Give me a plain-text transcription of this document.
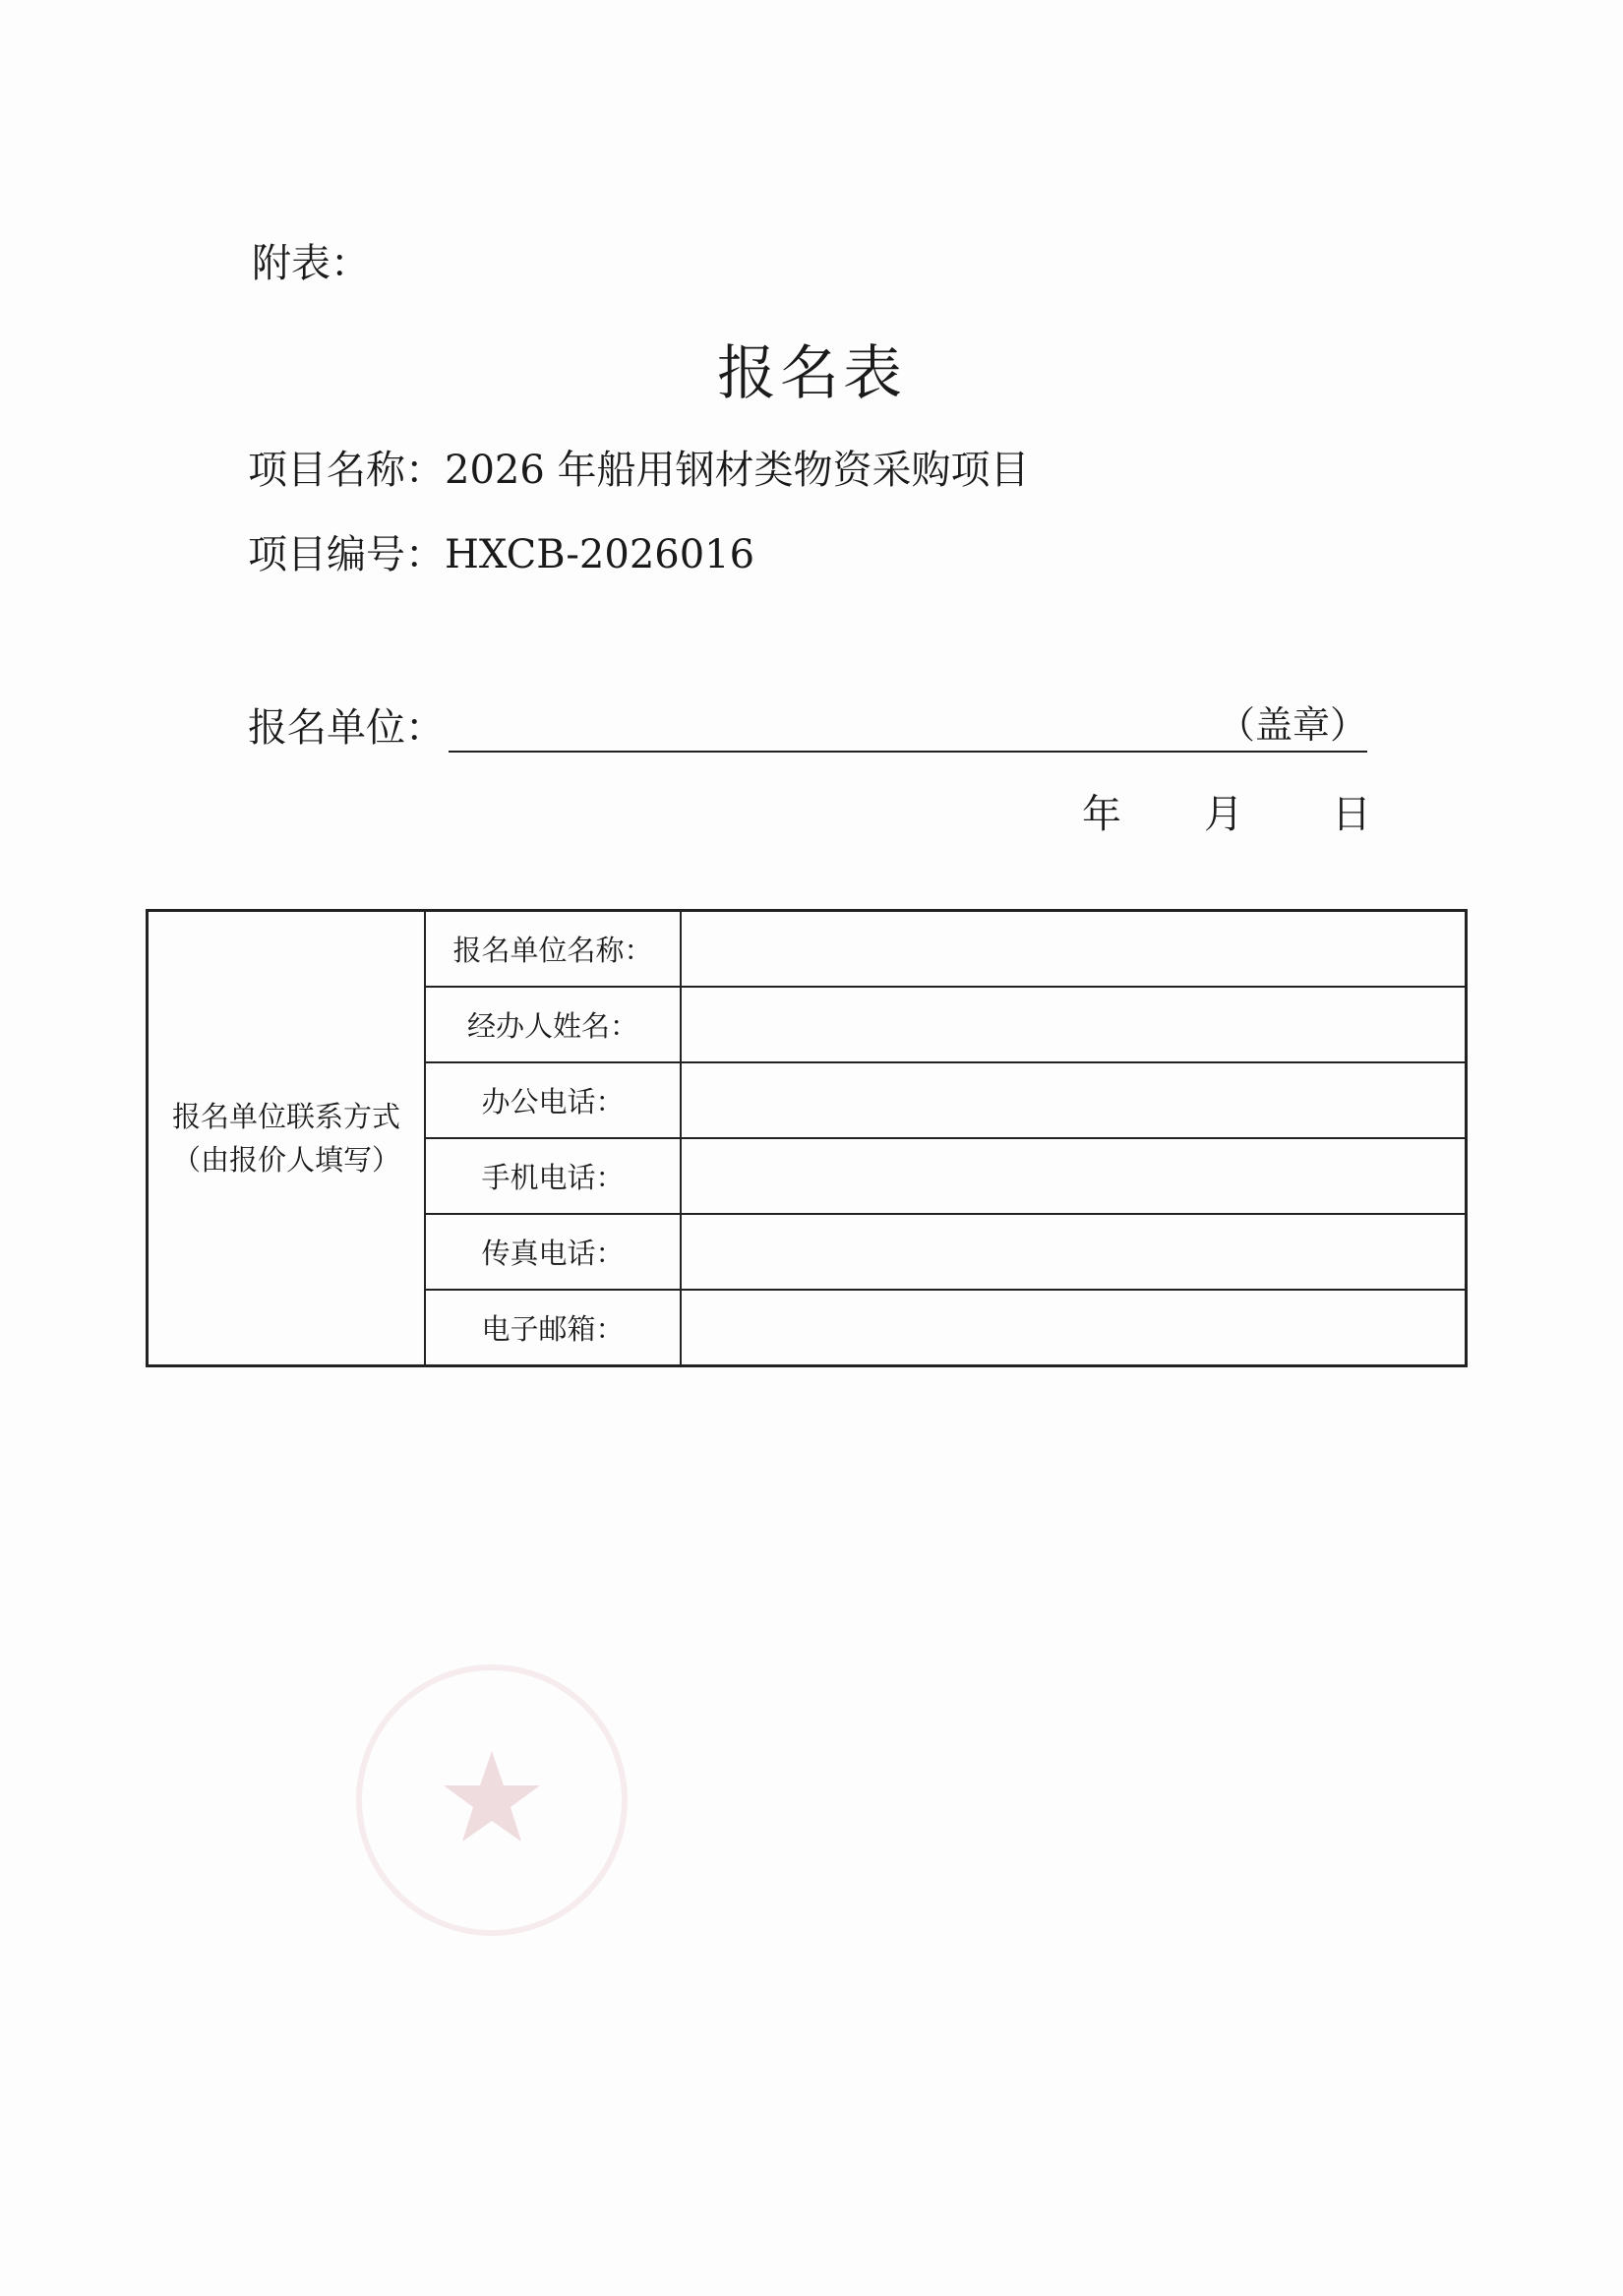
附表：
报名表
项目名称：2026 年船用钢材类物资采购项目
项目编号：HXCB-2026016
报名单位：	（盖章）
年	月	日
报名单位联系方式
（由报价人填写）	报名单位名称：	
	经办人姓名：	
	办公电话：	
	手机电话：	
	传真电话：	
	电子邮箱：	
